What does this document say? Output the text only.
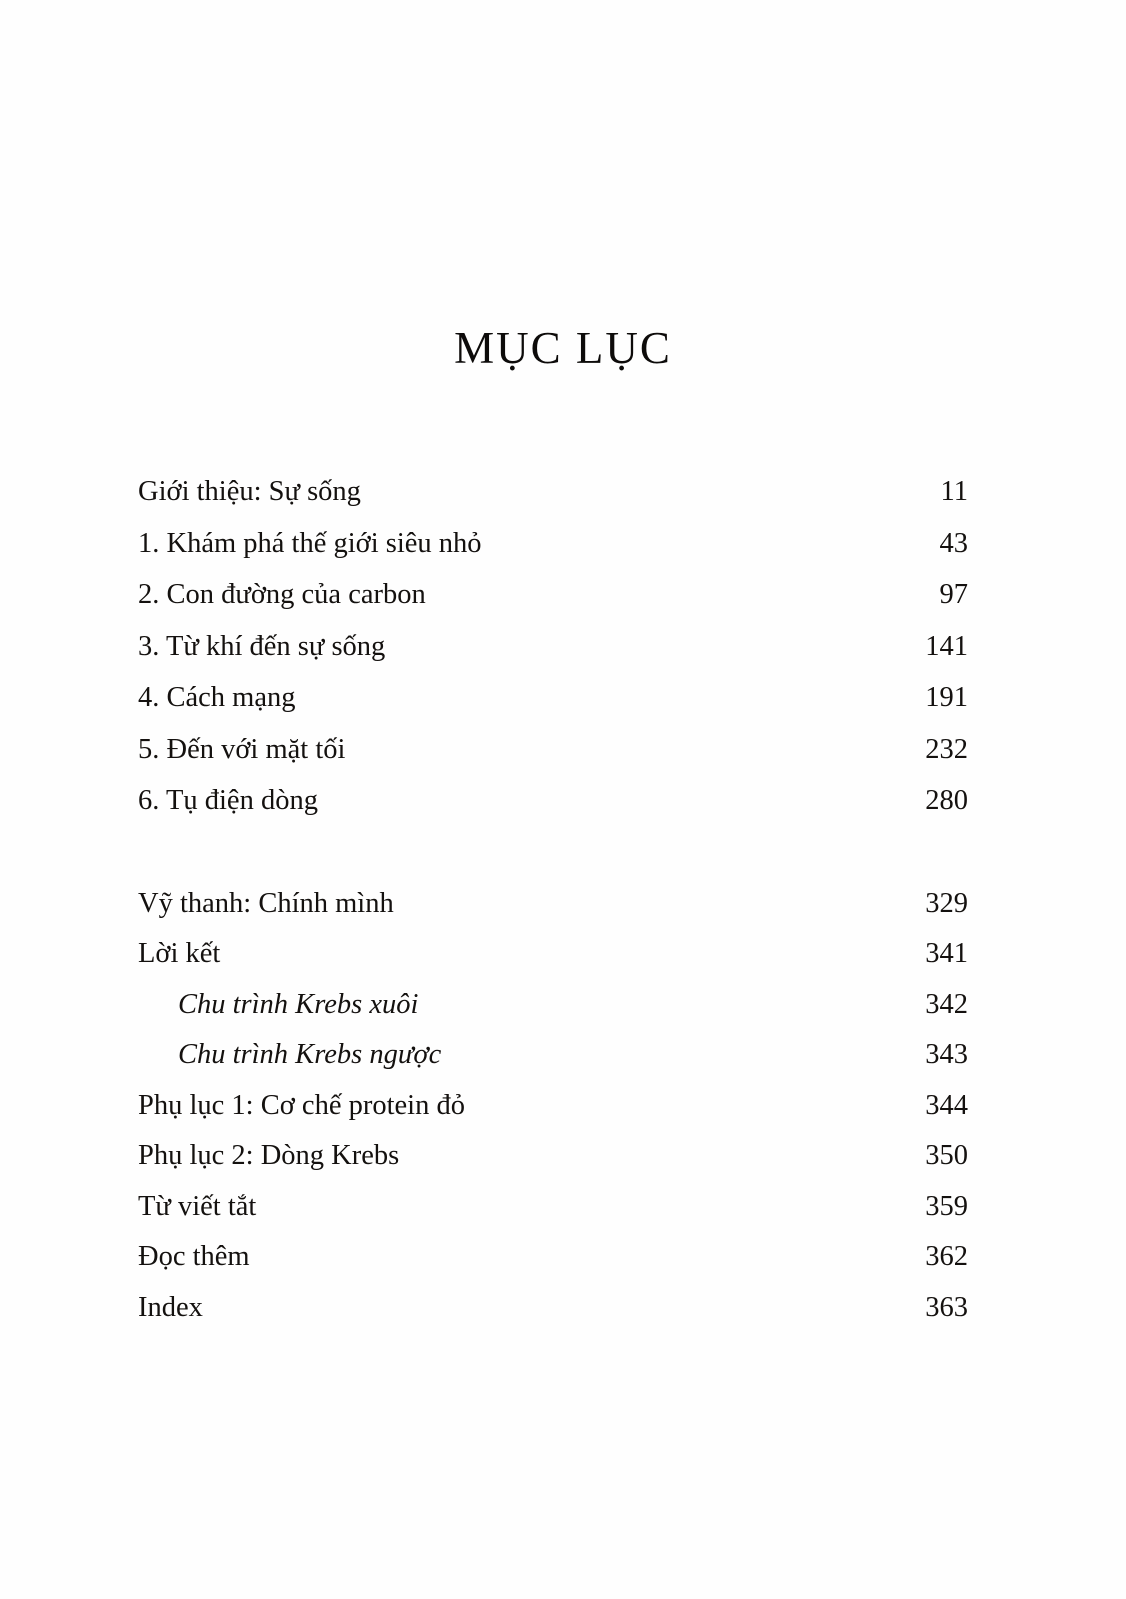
MỤC LỤC
Giới thiệu: Sự sống	11
1. Khám phá thế giới siêu nhỏ	43
2. Con đường của carbon	97
3. Từ khí đến sự sống	141
4. Cách mạng	191
5. Đến với mặt tối	232
6. Tụ điện dòng	280
Vỹ thanh: Chính mình	329
Lời kết	341
Chu trình Krebs xuôi	342
Chu trình Krebs ngược	343
Phụ lục 1: Cơ chế protein đỏ	344
Phụ lục 2: Dòng Krebs	350
Từ viết tắt	359
Đọc thêm	362
Index	363
